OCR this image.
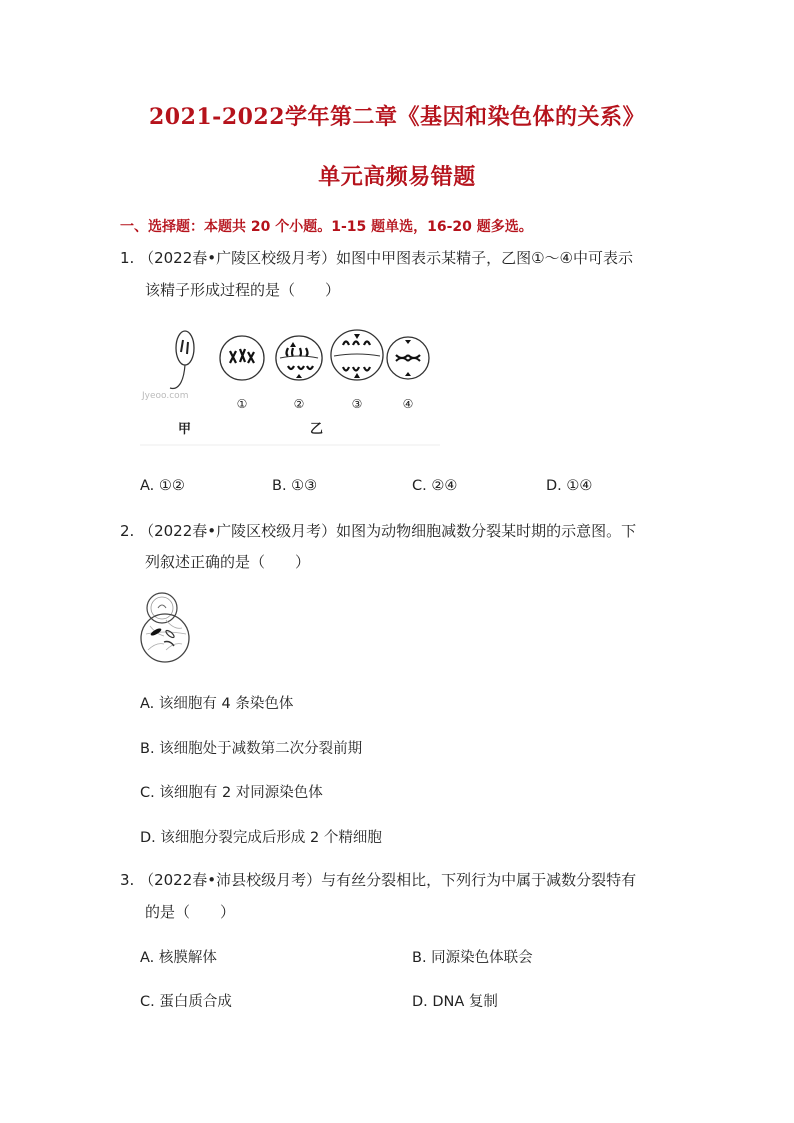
2021-2022学年第二章《基因和染色体的关系》
单元高频易错题
一、选择题：本题共 20 个小题。1-15 题单选，16-20 题多选。
1. （2022春•广陵区校级月考）如图中甲图表示某精子，乙图①～④中可表示
该精子形成过程的是（　　）
Jyeoo.com
①	②	③	④
甲	乙
A. ①②	B. ①③	C. ②④	D. ①④
2. （2022春•广陵区校级月考）如图为动物细胞减数分裂某时期的示意图。下
列叙述正确的是（　　）
A. 该细胞有 4 条染色体
B. 该细胞处于减数第二次分裂前期
C. 该细胞有 2 对同源染色体
D. 该细胞分裂完成后形成 2 个精细胞
3. （2022春•沛县校级月考）与有丝分裂相比，下列行为中属于减数分裂特有
的是（　　）
A. 核膜解体	B. 同源染色体联会
C. 蛋白质合成	D. DNA 复制
